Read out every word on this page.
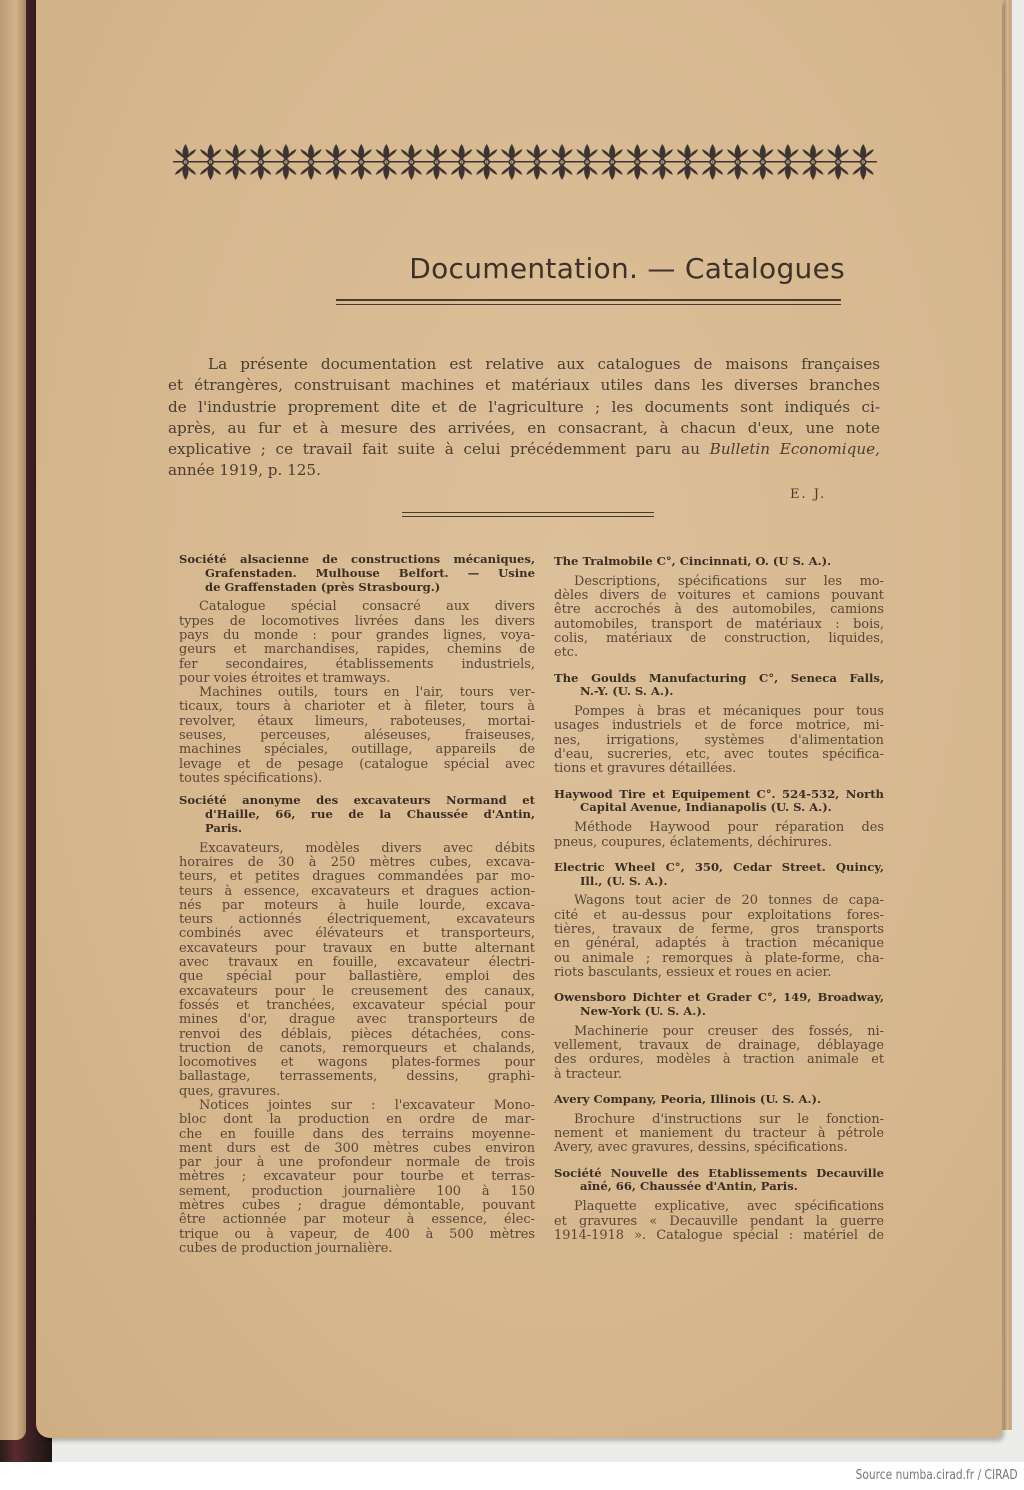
Documentation. — Catalogues
La présente documentation est relative aux catalogues de maisons françaises
et étrangères, construisant machines et matériaux utiles dans les diverses branches
de l'industrie proprement dite et de l'agriculture ; les documents sont indiqués ci-
après, au fur et à mesure des arrivées, en consacrant, à chacun d'eux, une note
explicative ; ce travail fait suite à celui précédemment paru au Bulletin Economique,
année 1919, p. 125.
E. J.
Société alsacienne de constructions mécaniques,
Grafenstaden. Mulhouse Belfort. — Usine
de Graffenstaden (près Strasbourg.)
Catalogue spécial consacré aux divers
types de locomotives livrées dans les divers
pays du monde : pour grandes lignes, voya-
geurs et marchandises, rapides, chemins de
fer secondaires, établissements industriels,
pour voies étroites et tramways.
Machines outils, tours en l'air, tours ver-
ticaux, tours à charioter et à fileter, tours à
revolver, étaux limeurs, raboteuses, mortai-
seuses, perceuses, aléseuses, fraiseuses,
machines spéciales, outillage, appareils de
levage et de pesage (catalogue spécial avec
toutes spécifications).
Société anonyme des excavateurs Normand et
d'Haille, 66, rue de la Chaussée d'Antin,
Paris.
Excavateurs, modèles divers avec débits
horaires de 30 à 250 mètres cubes, excava-
teurs, et petites dragues commandées par mo-
teurs à essence, excavateurs et dragues action-
nés par moteurs à huile lourde, excava-
teurs actionnés électriquement, excavateurs
combinés avec élévateurs et transporteurs,
excavateurs pour travaux en butte alternant
avec travaux en fouille, excavateur électri-
que spécial pour ballastière, emploi des
excavateurs pour le creusement des canaux,
fossés et tranchées, excavateur spécial pour
mines d'or, drague avec transporteurs de
renvoi des déblais, pièces détachées, cons-
truction de canots, remorqueurs et chalands,
locomotives et wagons plates-formes pour
ballastage, terrassements, dessins, graphi-
ques, gravures.
Notices jointes sur : l'excavateur Mono-
bloc dont la production en ordre de mar-
che en fouille dans des terrains moyenne-
ment durs est de 300 mètres cubes environ
par jour à une profondeur normale de trois
mètres ; excavateur pour tourbe et terras-
sement, production journalière 100 à 150
mètres cubes ; drague démontable, pouvant
être actionnée par moteur à essence, élec-
trique ou à vapeur, de 400 à 500 mètres
cubes de production journalière.
The Tralmobile C°, Cincinnati, O. (U S. A.).
Descriptions, spécifications sur les mo-
dèles divers de voitures et camions pouvant
être accrochés à des automobiles, camions
automobiles, transport de matériaux : bois,
colis, matériaux de construction, liquides,
etc.
The Goulds Manufacturing C°, Seneca Falls,
N.-Y. (U. S. A.).
Pompes à bras et mécaniques pour tous
usages industriels et de force motrice, mi-
nes, irrigations, systèmes d'alimentation
d'eau, sucreries, etc, avec toutes spécifica-
tions et gravures détaillées.
Haywood Tire et Equipement C°. 524-532, North
Capital Avenue, Indianapolis (U. S. A.).
Méthode Haywood pour réparation des
pneus, coupures, éclatements, déchirures.
Electric Wheel C°, 350, Cedar Street. Quincy,
Ill., (U. S. A.).
Wagons tout acier de 20 tonnes de capa-
cité et au-dessus pour exploitations fores-
tières, travaux de ferme, gros transports
en général, adaptés à traction mécanique
ou animale ; remorques à plate-forme, cha-
riots basculants, essieux et roues en acier.
Owensboro Dichter et Grader C°, 149, Broadway,
New-York (U. S. A.).
Machinerie pour creuser des fossés, ni-
vellement, travaux de drainage, déblayage
des ordures, modèles à traction animale et
à tracteur.
Avery Company, Peoria, Illinois (U. S. A.).
Brochure d'instructions sur le fonction-
nement et maniement du tracteur à pétrole
Avery, avec gravures, dessins, spécifications.
Société Nouvelle des Etablissements Decauville
aîné, 66, Chaussée d'Antin, Paris.
Plaquette explicative, avec spécifications
et gravures « Decauville pendant la guerre
1914-1918 ». Catalogue spécial : matériel de
Source numba.cirad.fr / CIRAD
